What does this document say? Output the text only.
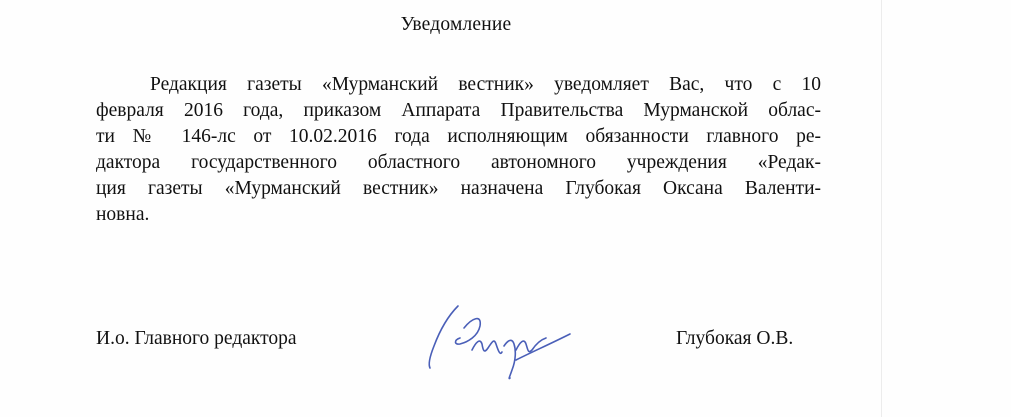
Уведомление
Редакция газеты «Мурманский вестник» уведомляет Вас, что с 10
февраля 2016 года, приказом Аппарата Правительства Мурманской облас-
ти № 146-лс от 10.02.2016 года исполняющим обязанности главного ре-
дактора государственного областного автономного учреждения «Редак-
ция газеты «Мурманский вестник» назначена Глубокая Оксана Валенти-
новна.
И.о. Главного редактора	Глубокая О.В.
